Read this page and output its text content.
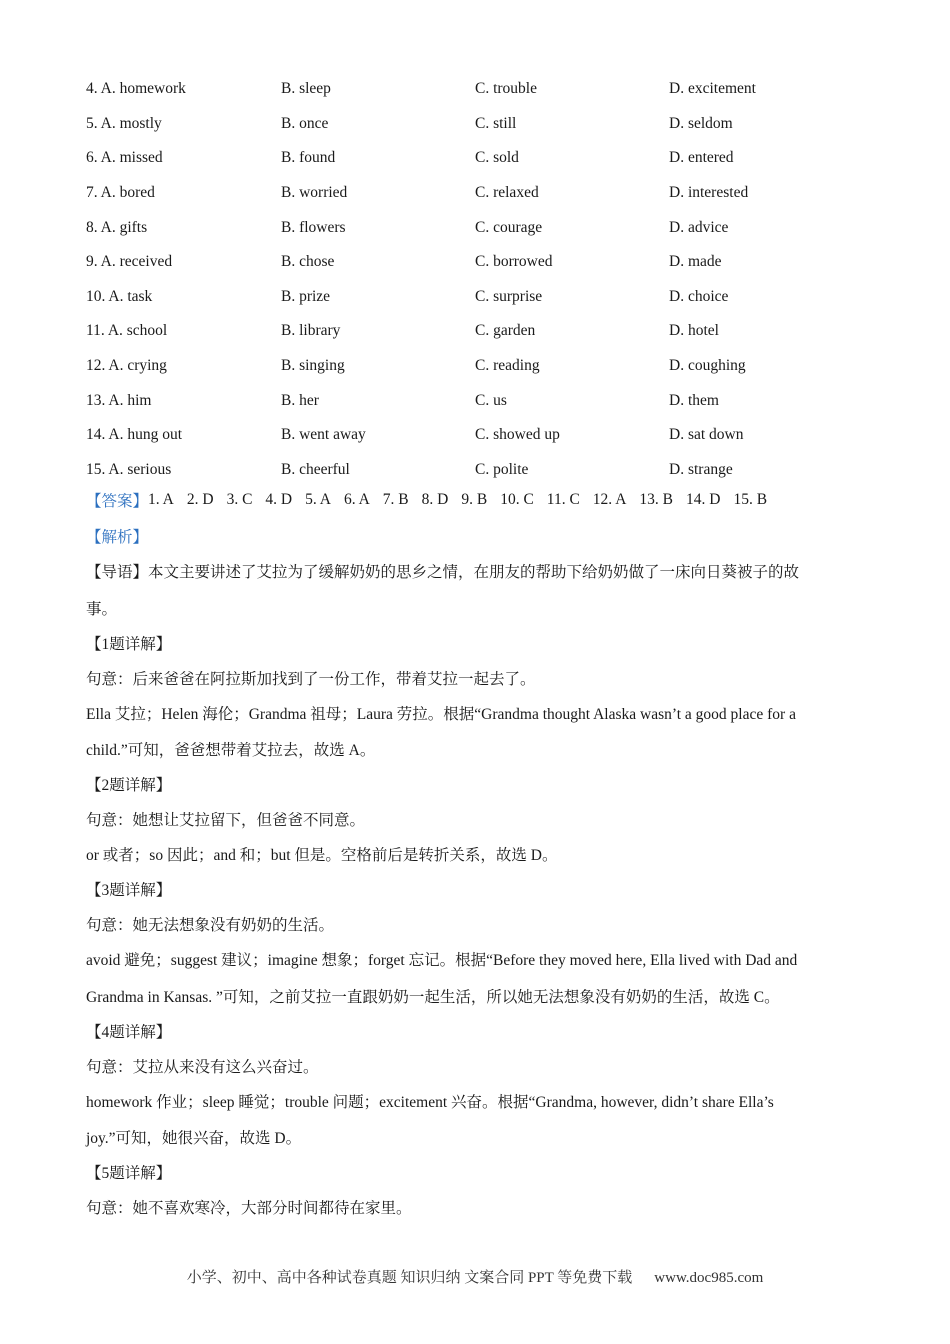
4. A. homework	B. sleep	C. trouble	D. excitement
5. A. mostly	B. once	C. still	D. seldom
6. A. missed	B. found	C. sold	D. entered
7. A. bored	B. worried	C. relaxed	D. interested
8. A. gifts	B. flowers	C. courage	D. advice
9. A. received	B. chose	C. borrowed	D. made
10. A. task	B. prize	C. surprise	D. choice
11. A. school	B. library	C. garden	D. hotel
12. A. crying	B. singing	C. reading	D. coughing
13. A. him	B. her	C. us	D. them
14. A. hung out	B. went away	C. showed up	D. sat down
15. A. serious	B. cheerful	C. polite	D. strange
【答案】 1. A 2. D 3. C 4. D 5. A 6. A 7. B 8. D 9. B 10. C 11. C 12. A 13. B 14. D 15. B
【解析】
【导语】本文主要讲述了艾拉为了缓解奶奶的思乡之情，在朋友的帮助下给奶奶做了一床向日葵被子的故
事。
【1题详解】
句意：后来爸爸在阿拉斯加找到了一份工作，带着艾拉一起去了。
Ella 艾拉；Helen 海伦；Grandma 祖母；Laura 劳拉。根据“Grandma thought Alaska wasn’t a good place for a
child.”可知，爸爸想带着艾拉去，故选 A。
【2题详解】
句意：她想让艾拉留下，但爸爸不同意。
or 或者；so 因此；and 和；but 但是。空格前后是转折关系，故选 D。
【3题详解】
句意：她无法想象没有奶奶的生活。
avoid 避免；suggest 建议；imagine 想象；forget 忘记。根据“Before they moved here, Ella lived with Dad and
Grandma in Kansas. ”可知，之前艾拉一直跟奶奶一起生活，所以她无法想象没有奶奶的生活，故选 C。
【4题详解】
句意：艾拉从来没有这么兴奋过。
homework 作业；sleep 睡觉；trouble 问题；excitement 兴奋。根据“Grandma, however, didn’t share Ella’s
joy.”可知，她很兴奋，故选 D。
【5题详解】
句意：她不喜欢寒冷，大部分时间都待在家里。
小学、初中、高中各种试卷真题 知识归纳 文案合同 PPT 等免费下载 www.doc985.com
